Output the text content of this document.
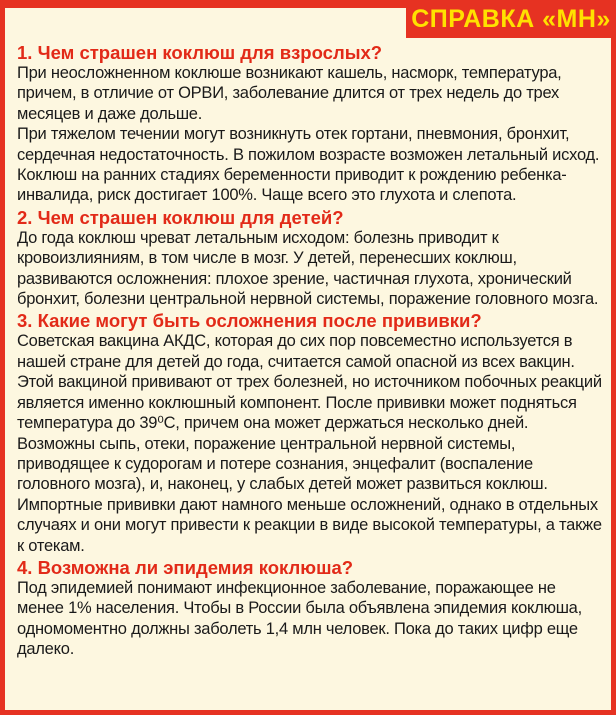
СПРАВКА «МН»

1. Чем страшен коклюш для взрослых?

При неосложненном коклюше возникают кашель, насморк, температура, причем, в отличие от ОРВИ, заболевание длится от трех недель до трех месяцев и даже дольше.

При тяжелом течении могут возникнуть отек гортани, пневмония, бронхит, сердечная недостаточность. В пожилом возрасте возможен летальный исход. Коклюш на ранних стадиях беременности приводит к рождению ребенка-инвалида, риск достигает 100%. Чаще всего это глухота и слепота.

2. Чем страшен коклюш для детей?

До года коклюш чреват летальным исходом: болезнь приводит к кровоизлияниям, в том числе в мозг. У детей, перенесших коклюш, развиваются осложнения: плохое зрение, частичная глухота, хронический бронхит, болезни центральной нервной системы, поражение головного мозга.

3. Какие могут быть осложнения после прививки?

Советская вакцина АКДС, которая до сих пор повсеместно используется в нашей стране для детей до года, считается самой опасной из всех вакцин. Этой вакциной прививают от трех болезней, но источником побочных реакций является именно коклюшный компонент. После прививки может подняться температура до 39⁰С, причем она может держаться несколько дней. Возможны сыпь, отеки, поражение центральной нервной системы, приводящее к судорогам и потере сознания, энцефалит (воспаление головного мозга), и, наконец, у слабых детей может развиться коклюш. Импортные прививки дают намного меньше осложнений, однако в отдельных случаях и они могут привести к реакции в виде высокой температуры, а также к отекам.

4. Возможна ли эпидемия коклюша?

Под эпидемией понимают инфекционное заболевание, поражающее не менее 1% населения. Чтобы в России была объявлена эпидемия коклюша, одномоментно должны заболеть 1,4 млн человек. Пока до таких цифр еще далеко.
